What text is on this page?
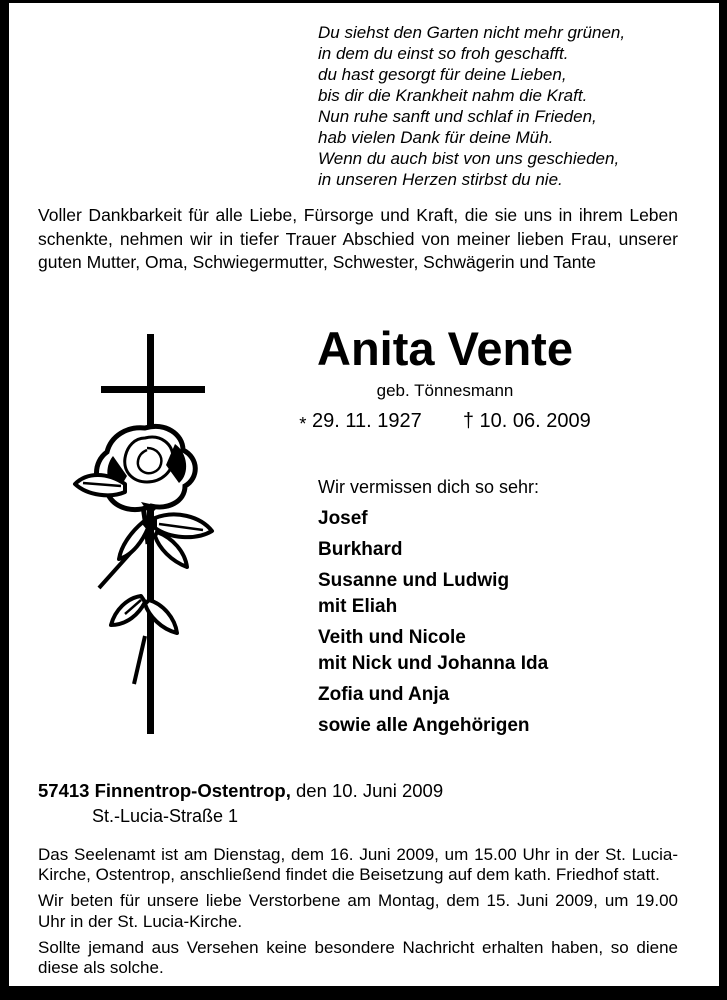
Du siehst den Garten nicht mehr grünen,
in dem du einst so froh geschafft.
du hast gesorgt für deine Lieben,
bis dir die Krankheit nahm die Kraft.
Nun ruhe sanft und schlaf in Frieden,
hab vielen Dank für deine Müh.
Wenn du auch bist von uns geschieden,
in unseren Herzen stirbst du nie.
Voller Dankbarkeit für alle Liebe, Fürsorge und Kraft, die sie uns in ihrem Leben schenkte, nehmen wir in tiefer Trauer Abschied von meiner lieben Frau, unserer guten Mutter, Oma, Schwiegermutter, Schwester, Schwägerin und Tante
Anita Vente
geb. Tönnesmann
* 29. 11. 1927 † 10. 06. 2009

Wir vermissen dich so sehr:

Josef
Burkhard
Susanne und Ludwig
mit Eliah
Veith und Nicole
mit Nick und Johanna Ida
Zofia und Anja
sowie alle Angehörigen
57413 Finnentrop-Ostentrop, den 10. Juni 2009
St.-Lucia-Straße 1

Das Seelenamt ist am Dienstag, dem 16. Juni 2009, um 15.00 Uhr in der St. Lucia-Kirche, Ostentrop, anschließend findet die Beisetzung auf dem kath. Friedhof statt.

Wir beten für unsere liebe Verstorbene am Montag, dem 15. Juni 2009, um 19.00 Uhr in der St. Lucia-Kirche.

Sollte jemand aus Versehen keine besondere Nachricht erhalten haben, so diene diese als solche.
